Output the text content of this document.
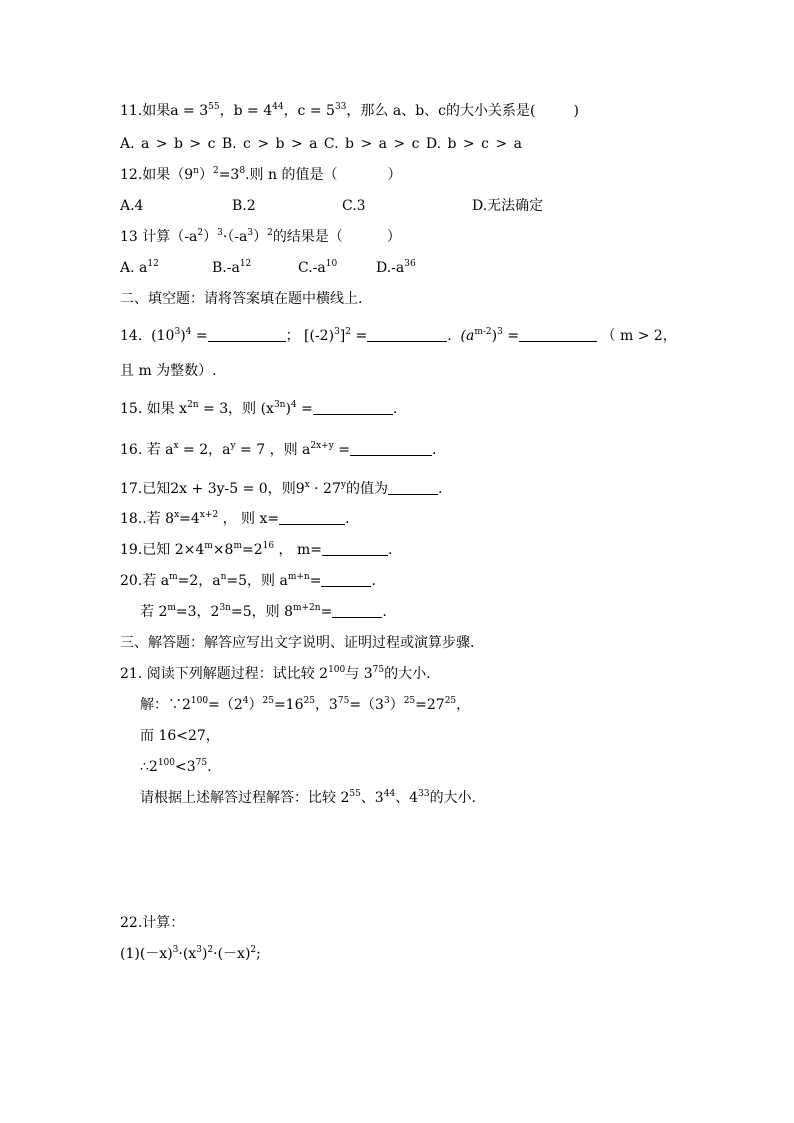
11.如果$a = 3^{55}$，$b = 4^{44}$，$c = 5^{33}$，那么 a、b、c的大小关系是(	)
A. a > b > c B. c > b > a C. b > a > c D. b > c > a
12.如果$(9^n)^2=3^8$.则 n 的值是（	）
A.4	B.2	C.3	D.无法确定
13 计算$(-a^2)^3\cdot(-a^3)^2$的结果是（	）
A. $a^{12}$	$B.-a^{12}$	$C.-a^{10}$	$D.-a^{36}$
二、填空题：请将答案填在题中横线上.
14. $(10^3)^4$ =	； $[(-2)^3]^2$ =	. $(a^{m-2})^3$ =	（ m > 2，
且 m 为整数）.
15. 如果 $x^{2n} = 3$，则 $(x^{3n})^4$ =	.
16. 若 $a^x = 2$，$a^y = 7$ ，则 $a^{2x+y}$ =	.
17.已知2x + 3y-5 = 0，则$9^x \cdot 27^y$的值为	.
18..若 $8^x=4^{x+2}$ ， 则 x=	.
19.已知 $2\times 4^m\times 8^m=2^{16}$ ， m=	.
20.若 $a^m=2$，$a^n=5$，则 $a^{m+n}=$	.
若 $2^m=3$，$2^{3n}=5$，则 $8^{m+2n}=$	.
三、解答题：解答应写出文字说明、证明过程或演算步骤.
21. 阅读下列解题过程：试比较 $2^{100}$与 $3^{75}$的大小.
解：$\because 2^{100}=(2^4)^{25}=16^{25}$，$3^{75}=(3^3)^{25}=27^{25}$，
而 16<27，
$\therefore 2^{100}<3^{75}$.
请根据上述解答过程解答：比较 $2^{55}$、$3^{44}$、$4^{33}$的大小.
22.计算：
$(1)(-x)^3\cdot(x^3)^2\cdot(-x)^2$;
